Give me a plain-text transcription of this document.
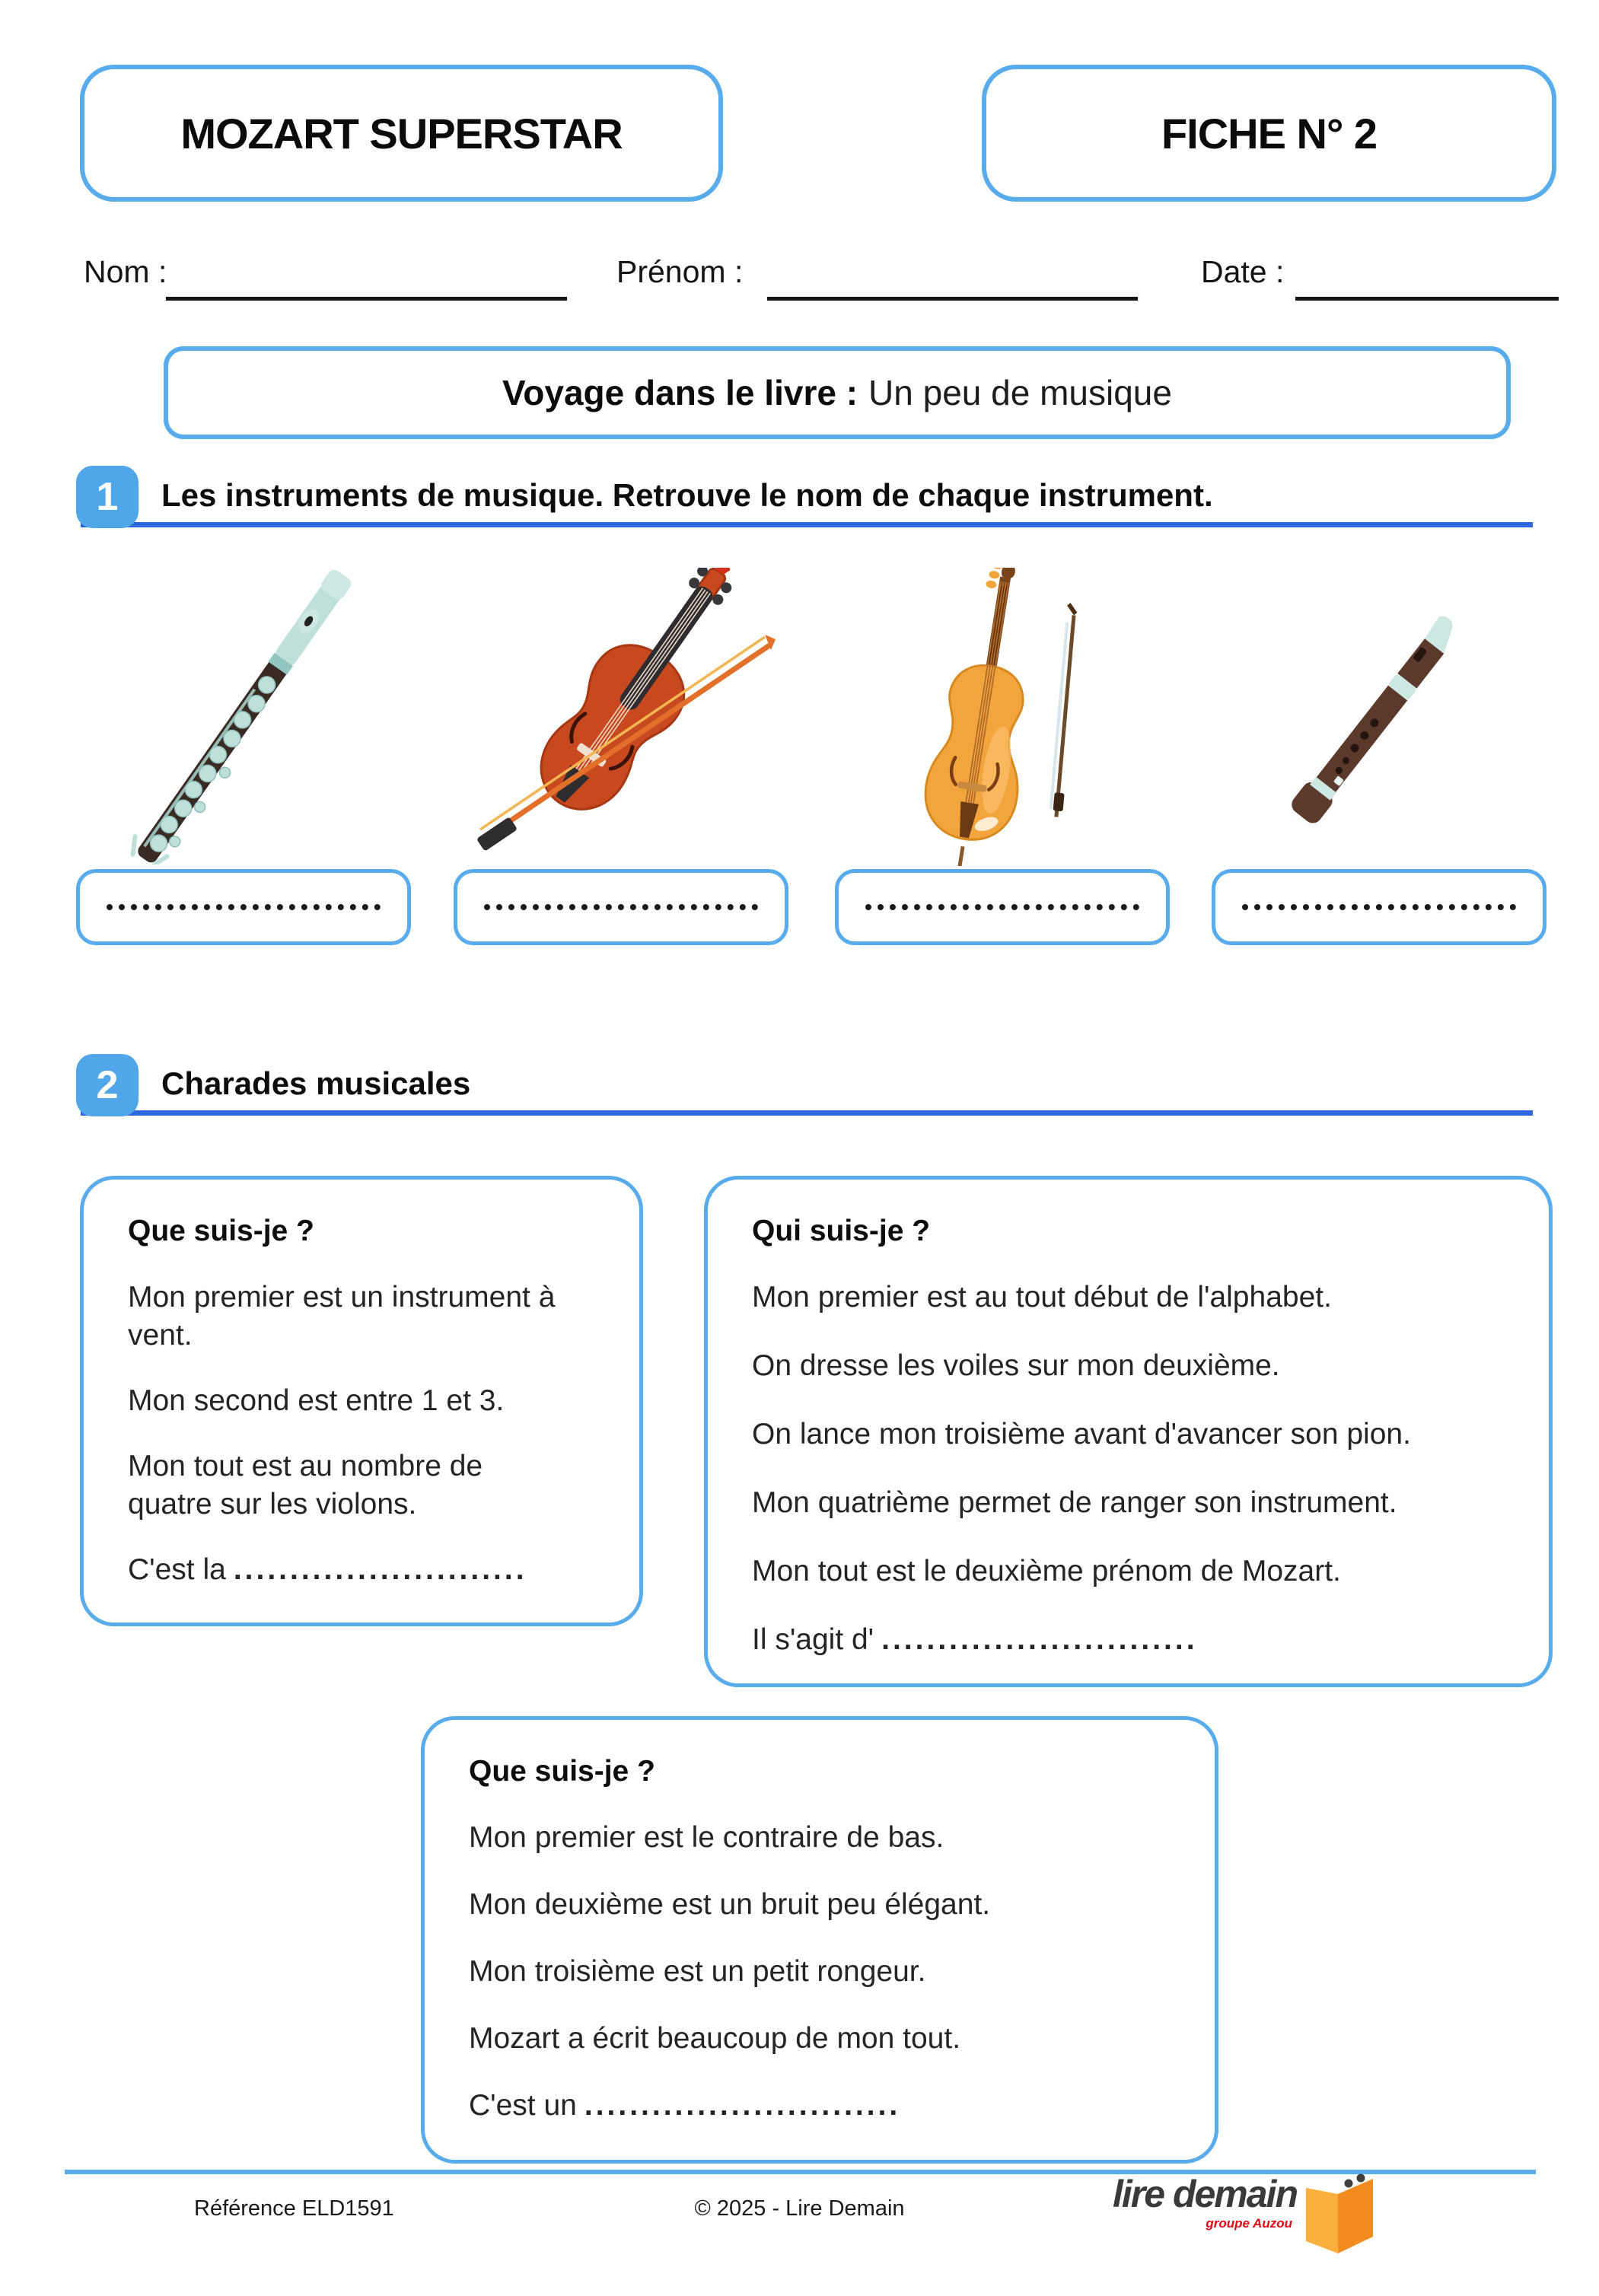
MOZART SUPERSTAR	FICHE N° 2
Nom :	Prénom :	Date :
Voyage dans le livre : Un peu de musique
1 Les instruments de musique. Retrouve le nom de chaque instrument.
2 Charades musicales
Que suis-je ?

Mon premier est un instrument à vent.

Mon second est entre 1 et 3.

Mon tout est au nombre de quatre sur les violons.

C'est la ..........................

Qui suis-je ?

Mon premier est au tout début de l'alphabet.

On dresse les voiles sur mon deuxième.

On lance mon troisième avant d'avancer son pion.

Mon quatrième permet de ranger son instrument.

Mon tout est le deuxième prénom de Mozart.

Il s'agit d' ............................

Que suis-je ?

Mon premier est le contraire de bas.

Mon deuxième est un bruit peu élégant.

Mon troisième est un petit rongeur.

Mozart a écrit beaucoup de mon tout.

C'est un ............................

Référence ELD1591	© 2025 - Lire Demain	lire demain
groupe Auzou
